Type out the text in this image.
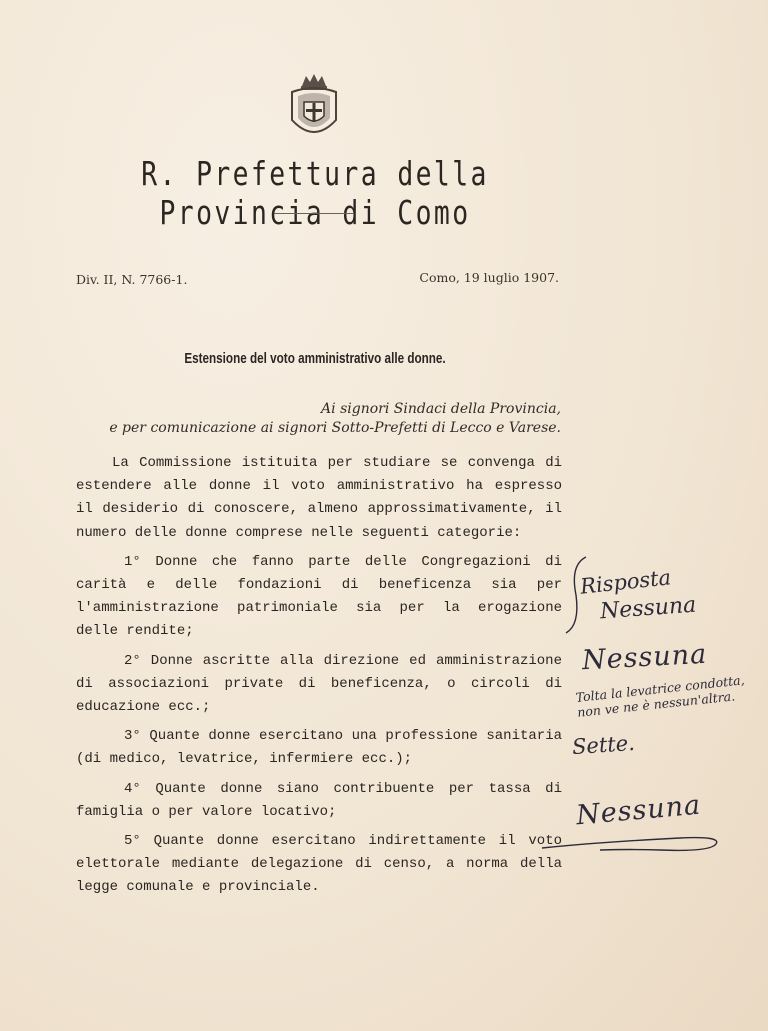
R. Prefettura della Provincia di Como
Div. II, N. 7766-1.	Como, 19 luglio 1907.
Estensione del voto amministrativo alle donne.
Ai signori Sindaci della Provincia,
e per comunicazione ai signori Sotto-Prefetti di Lecco e Varese.

La Commissione istituita per studiare se convenga di estendere alle donne il voto amministrativo ha espresso il desiderio di conoscere, almeno approssimativamente, il numero delle donne comprese nelle seguenti categorie:

1° Donne che fanno parte delle Congregazioni di carità e delle fondazioni di beneficenza sia per l'amministrazione patrimoniale sia per la erogazione delle rendite;

2° Donne ascritte alla direzione ed amministrazione di associazioni private di beneficenza, o circoli di educazione ecc.;

3° Quante donne esercitano una professione sanitaria (di medico, levatrice, infermiere ecc.);

4° Quante donne siano contribuente per tassa di famiglia o per valore locativo;

5° Quante donne esercitano indirettamente il voto elettorale mediante delegazione di censo, a norma della legge comunale e provinciale.

Risposta
Nessuna
Nessuna
Tolta la levatrice condotta, non ve ne è nessun'altra.
Sette.
Nessuna
